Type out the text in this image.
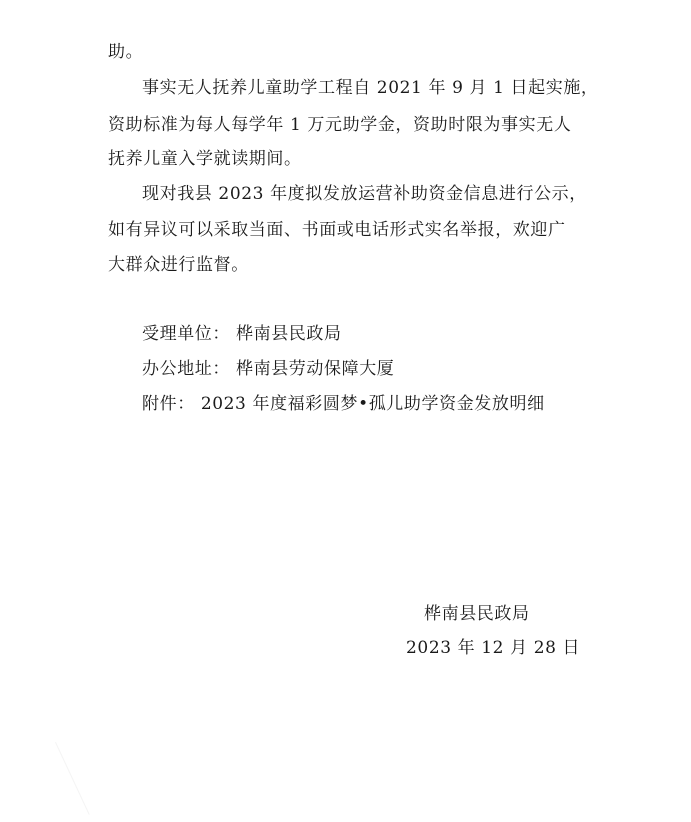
助。
事实无人抚养儿童助学工程自 2021 年 9 月 1 日起实施，
资助标准为每人每学年 1 万元助学金，资助时限为事实无人
抚养儿童入学就读期间。
现对我县 2023 年度拟发放运营补助资金信息进行公示，
如有异议可以采取当面、书面或电话形式实名举报，欢迎广
大群众进行监督。
受理单位： 桦南县民政局
办公地址： 桦南县劳动保障大厦
附件： 2023 年度福彩圆梦•孤儿助学资金发放明细
桦南县民政局
2023 年 12 月 28 日
